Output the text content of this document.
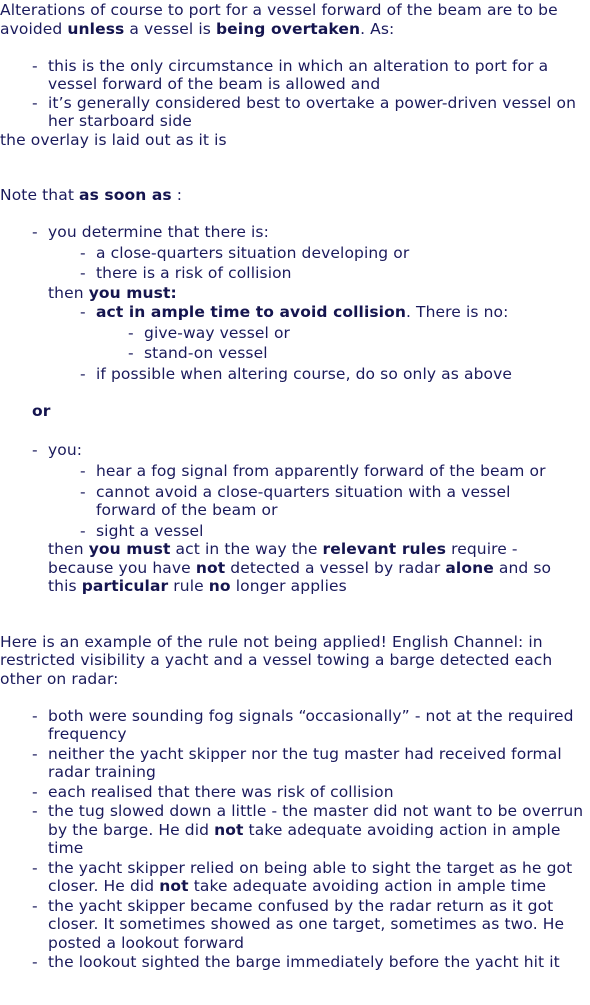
Alterations of course to port for a vessel forward of the beam are to be avoided unless a vessel is being overtaken. As:

- this is the only circumstance in which an alteration to port for a vessel forward of the beam is allowed and
- it’s generally considered best to overtake a power-driven vessel on her starboard side

the overlay is laid out as it is

Note that as soon as :

- you determine that there is:
- a close-quarters situation developing or
- there is a risk of collision

then you must:

- act in ample time to avoid collision. There is no:
- give-way vessel or
- stand-on vessel
- if possible when altering course, do so only as above

or

- you:
- hear a fog signal from apparently forward of the beam or
- cannot avoid a close-quarters situation with a vessel forward of the beam or
- sight a vessel

then you must act in the way the relevant rules require - because you have not detected a vessel by radar alone and so this particular rule no longer applies

Here is an example of the rule not being applied! English Channel: in restricted visibility a yacht and a vessel towing a barge detected each other on radar:

- both were sounding fog signals “occasionally” - not at the required frequency
- neither the yacht skipper nor the tug master had received formal radar training
- each realised that there was risk of collision
- the tug slowed down a little - the master did not want to be overrun by the barge. He did not take adequate avoiding action in ample time
- the yacht skipper relied on being able to sight the target as he got closer. He did not take adequate avoiding action in ample time
- the yacht skipper became confused by the radar return as it got closer. It sometimes showed as one target, sometimes as two. He posted a lookout forward
- the lookout sighted the barge immediately before the yacht hit it
